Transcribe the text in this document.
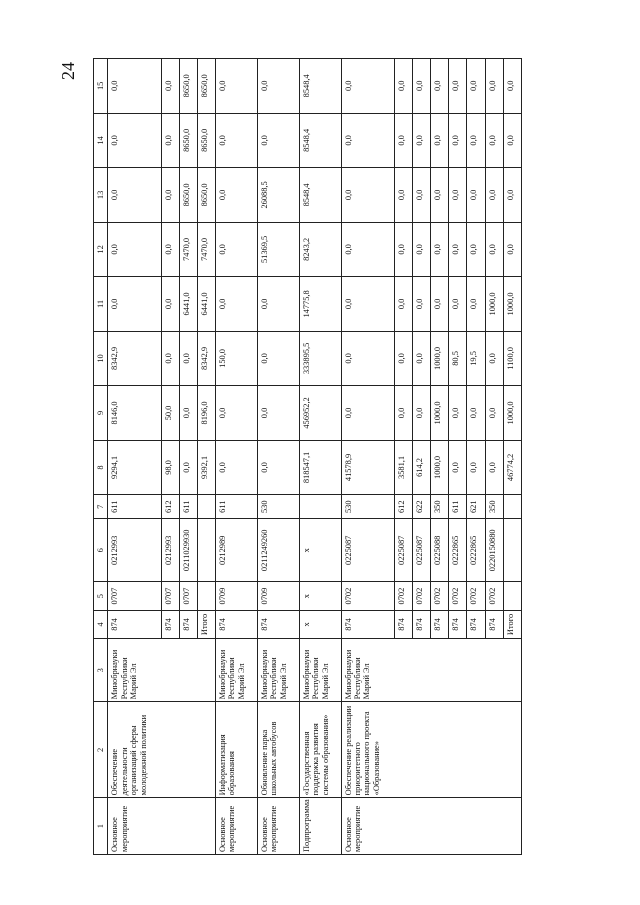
24
1	2	3	4	5	6	7	8	9	10	11	12	13	14	15
Основное мероприятие	Обеспечение деятельности организаций сферы молодежной политики	Минобрнауки Республики Марий Эл	874	0707	0212993	611	9294,1	8146,0	8342,9	0,0	0,0	0,0	0,0	0,0
			874	0707	0212993	612	98,0	50,0	0,0	0,0	0,0	0,0	0,0	0,0
			874	0707	0211029930	611	0,0	0,0	0,0	6441,0	7470,0	8650,0	8650,0	8650,0
			Итого				9392,1	8196,0	8342,9	6441,0	7470,0	8650,0	8650,0	8650,0
Основное мероприятие	Информатизация образования	Минобрнауки Республики Марий Эл	874	0709	0212989	611	0,0	0,0	150,0	0,0	0,0	0,0	0,0	0,0
Основное мероприятие	Обновление парка школьных автобусов	Минобрнауки Республики Марий Эл	874	0709	0211249260	530	0,0	0,0	0,0	0,0	51369,5	26088,5	0,0	0,0
Подпрограмма	«Государственная поддержка развития системы образования»	Минобрнауки Республики Марий Эл	x	x	x		818547,1	456952,2	333895,5	14775,8	8243,2	8548,4	8548,4	8548,4
Основное мероприятие	Обеспечение реализации приоритетного национального проекта «Образование»	Минобрнауки Республики Марий Эл	874	0702	0225087	530	41578,9	0,0	0,0	0,0	0,0	0,0	0,0	0,0
			874	0702	0225087	612	3581,1	0,0	0,0	0,0	0,0	0,0	0,0	0,0
			874	0702	0225087	622	614,2	0,0	0,0	0,0	0,0	0,0	0,0	0,0
			874	0702	0225088	350	1000,0	1000,0	1000,0	0,0	0,0	0,0	0,0	0,0
			874	0702	0222865	611	0,0	0,0	80,5	0,0	0,0	0,0	0,0	0,0
			874	0702	0222865	621	0,0	0,0	19,5	0,0	0,0	0,0	0,0	0,0
			874	0702	0220150880	350	0,0	0,0	0,0	1000,0	0,0	0,0	0,0	0,0
			Итого				46774,2	1000,0	1100,0	1000,0	0,0	0,0	0,0	0,0
